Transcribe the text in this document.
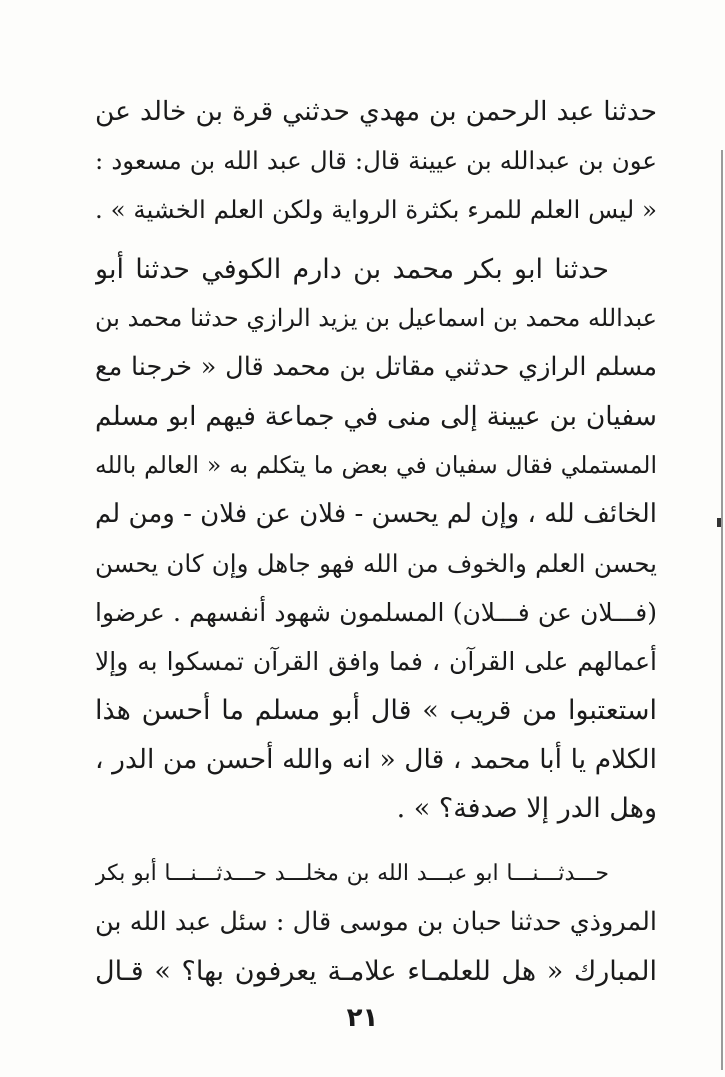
حدثنا عبد الرحمن بن مهدي حدثني قرة بن خالد عن
عون بن عبدالله بن عيينة قال: قال عبد الله بن مسعود :
« ليس العلم للمرء بكثرة الرواية ولكن العلم الخشية » .
حدثنا ابو بكر محمد بن دارم الكوفي حدثنا أبو
عبدالله محمد بن اسماعيل بن يزيد الرازي حدثنا محمد بن
مسلم الرازي حدثني مقاتل بن محمد قال « خرجنا مع
سفيان بن عيينة إلى منى في جماعة فيهم ابو مسلم
المستملي فقال سفيان في بعض ما يتكلم به « العالم بالله
الخائف لله ، وإن لم يحسن - فلان عن فلان - ومن لم
يحسن العلم والخوف من الله فهو جاهل وإن كان يحسن
(فـــلان عن فـــلان) المسلمون شهود أنفسهم . عرضوا
أعمالهم على القرآن ، فما وافق القرآن تمسكوا به وإلا
استعتبوا من قريب » قال أبو مسلم ما أحسن هذا
الكلام يا أبا محمد ، قال « انه والله أحسن من الدر ،
وهل الدر إلا صدفة؟ » .
حـــدثـــنـــا ابو عبـــد الله بن مخلـــد حـــدثـــنـــا أبو بكر
المروذي حدثنا حبان بن موسى قال : سئل عبد الله بن
المبارك « هل للعلمـاء علامـة يعرفون بها؟ » قـال
٢١
